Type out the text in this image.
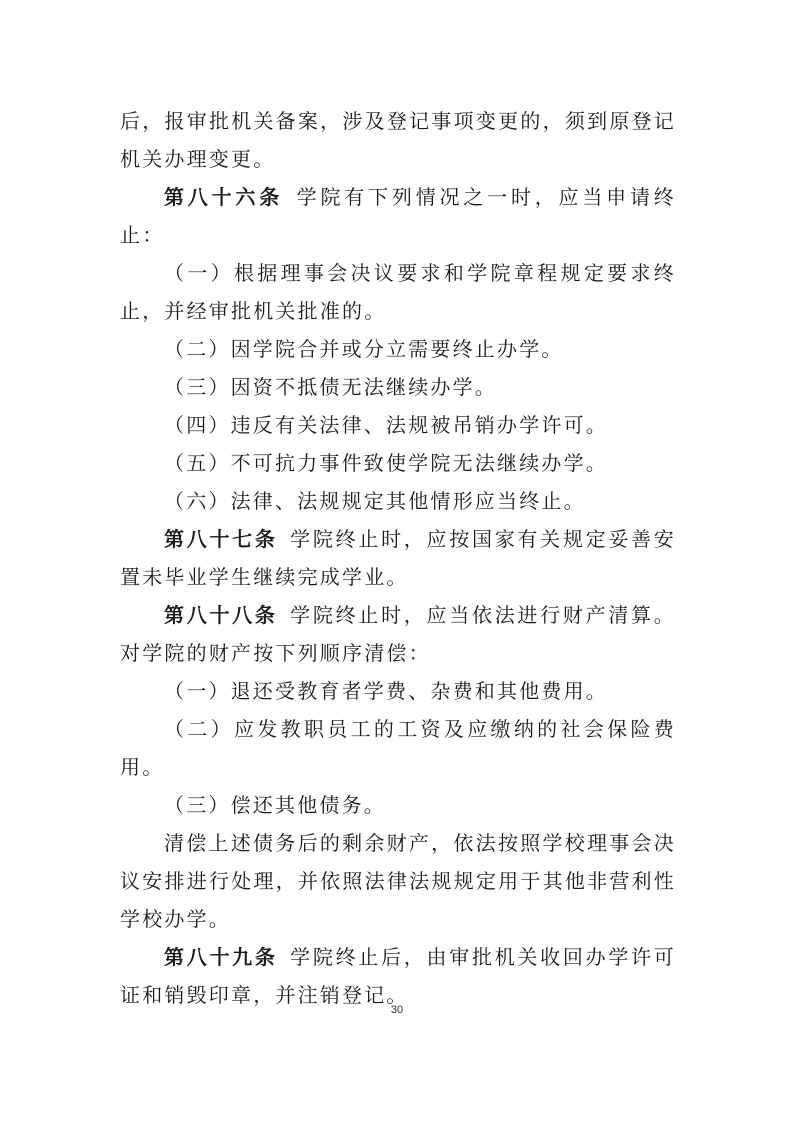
后，报审批机关备案，涉及登记事项变更的，须到原登记机关办理变更。

第八十六条 学院有下列情况之一时，应当申请终止：

（一）根据理事会决议要求和学院章程规定要求终止，并经审批机关批准的。

（二）因学院合并或分立需要终止办学。

（三）因资不抵债无法继续办学。

（四）违反有关法律、法规被吊销办学许可。

（五）不可抗力事件致使学院无法继续办学。

（六）法律、法规规定其他情形应当终止。

第八十七条 学院终止时，应按国家有关规定妥善安置未毕业学生继续完成学业。

第八十八条 学院终止时，应当依法进行财产清算。对学院的财产按下列顺序清偿：

（一）退还受教育者学费、杂费和其他费用。

（二）应发教职员工的工资及应缴纳的社会保险费用。

（三）偿还其他债务。

清偿上述债务后的剩余财产，依法按照学校理事会决议安排进行处理，并依照法律法规规定用于其他非营利性学校办学。

第八十九条 学院终止后，由审批机关收回办学许可证和销毁印章，并注销登记。

30
